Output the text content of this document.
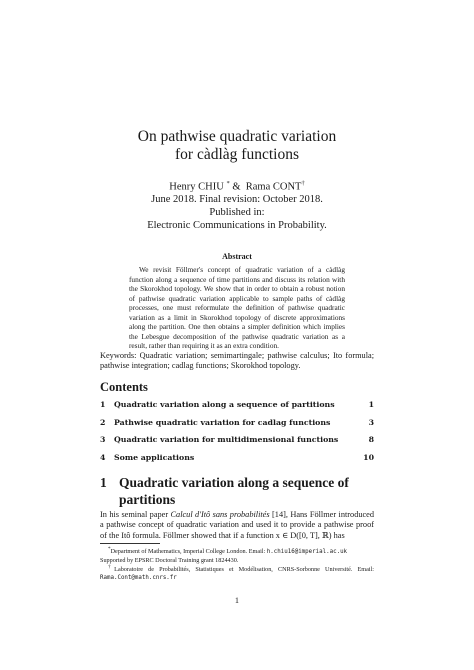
On pathwise quadratic variation
for càdlàg functions
Henry CHIU * & Rama CONT†
June 2018. Final revision: October 2018.
Published in:
Electronic Communications in Probability.
Abstract
We revisit Föllmer's concept of quadratic variation of a càdlàg function along a sequence of time partitions and discuss its relation with the Skorokhod topology. We show that in order to obtain a robust notion of pathwise quadratic variation applicable to sample paths of càdlàg processes, one must reformulate the definition of pathwise quadratic variation as a limit in Skorokhod topology of discrete approximations along the partition. One then obtains a simpler definition which implies the Lebesgue decomposition of the pathwise quadratic variation as a result, rather than requiring it as an extra condition.
Keywords: Quadratic variation; semimartingale; pathwise calculus; Ito formula; pathwise integration; cadlag functions; Skorokhod topology.
Contents
1 Quadratic variation along a sequence of partitions	1
2 Pathwise quadratic variation for cadlag functions	3
3 Quadratic variation for multidimensional functions	8
4 Some applications	10
1 Quadratic variation along a sequence of partitions
In his seminal paper Calcul d'Itô sans probabilités [14], Hans Föllmer introduced a pathwise concept of quadratic variation and used it to provide a pathwise proof of the Itô formula. Föllmer showed that if a function x ∈ D([0, T], ℝ) has

*Department of Mathematics, Imperial College London. Email: h.chiu16@imperial.ac.uk

Supported by EPSRC Doctoral Training grant 1824430.

†Laboratoire de Probabilités, Statistiques et Modélisation, CNRS-Sorbonne Université. Email: Rama.Cont@math.cnrs.fr

1
